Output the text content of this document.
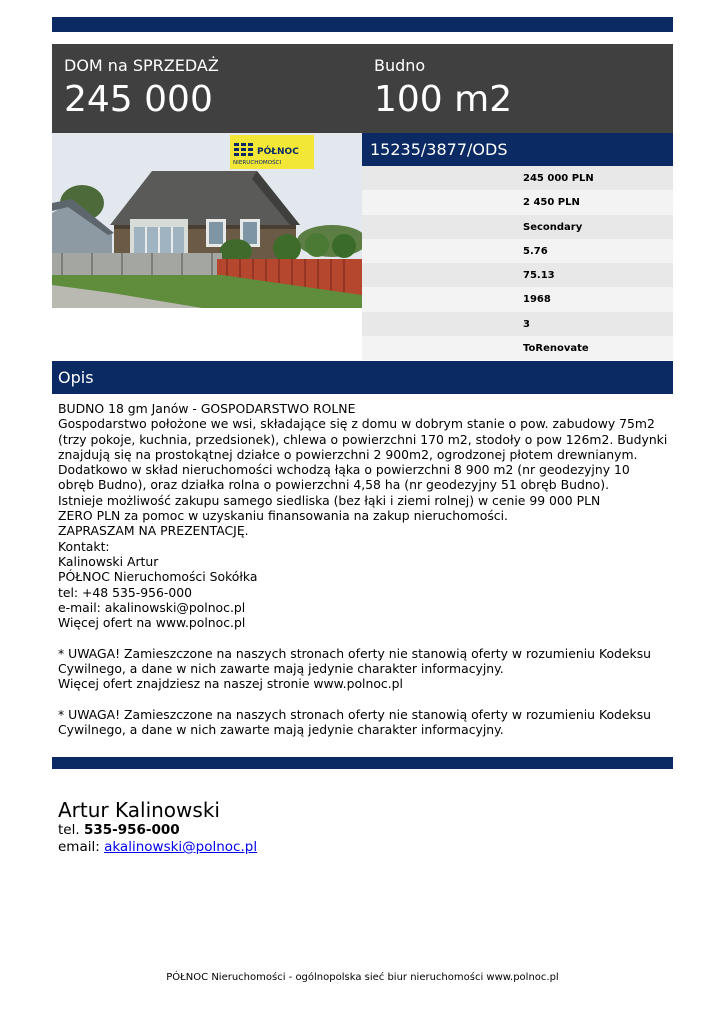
DOM na SPRZEDAŻ
245 000
Budno
100 m2
PÓŁNOC
NIERUCHOMOŚCI
15235/3877/ODS
245 000 PLN
2 450 PLN
Secondary
5.76
75.13
1968
3
ToRenovate
Opis
BUDNO 18 gm Janów - GOSPODARSTWO ROLNE
Gospodarstwo położone we wsi, składające się z domu w dobrym stanie o pow. zabudowy 75m2 (trzy pokoje, kuchnia, przedsionek), chlewa o powierzchni 170 m2, stodoły o pow 126m2. Budynki znajdują się na prostokątnej działce o powierzchni 2 900m2, ogrodzonej płotem drewnianym. Dodatkowo w skład nieruchomości wchodzą łąka o powierzchni 8 900 m2 (nr geodezyjny 10 obręb Budno), oraz działka rolna o powierzchni 4,58 ha (nr geodezyjny 51 obręb Budno).
Istnieje możliwość zakupu samego siedliska (bez łąki i ziemi rolnej) w cenie 99 000 PLN
ZERO PLN za pomoc w uzyskaniu finansowania na zakup nieruchomości.
ZAPRASZAM NA PREZENTACJĘ.
Kontakt:
Kalinowski Artur
PÓŁNOC Nieruchomości Sokółka
tel: +48 535-956-000
e-mail: akalinowski@polnoc.pl
Więcej ofert na www.polnoc.pl

* UWAGA! Zamieszczone na naszych stronach oferty nie stanowią oferty w rozumieniu Kodeksu Cywilnego, a dane w nich zawarte mają jedynie charakter informacyjny.
Więcej ofert znajdziesz na naszej stronie www.polnoc.pl

* UWAGA! Zamieszczone na naszych stronach oferty nie stanowią oferty w rozumieniu Kodeksu Cywilnego, a dane w nich zawarte mają jedynie charakter informacyjny.
Artur Kalinowski
tel. 535-956-000
email: akalinowski@polnoc.pl
PÓŁNOC Nieruchomości - ogólnopolska sieć biur nieruchomości www.polnoc.pl
